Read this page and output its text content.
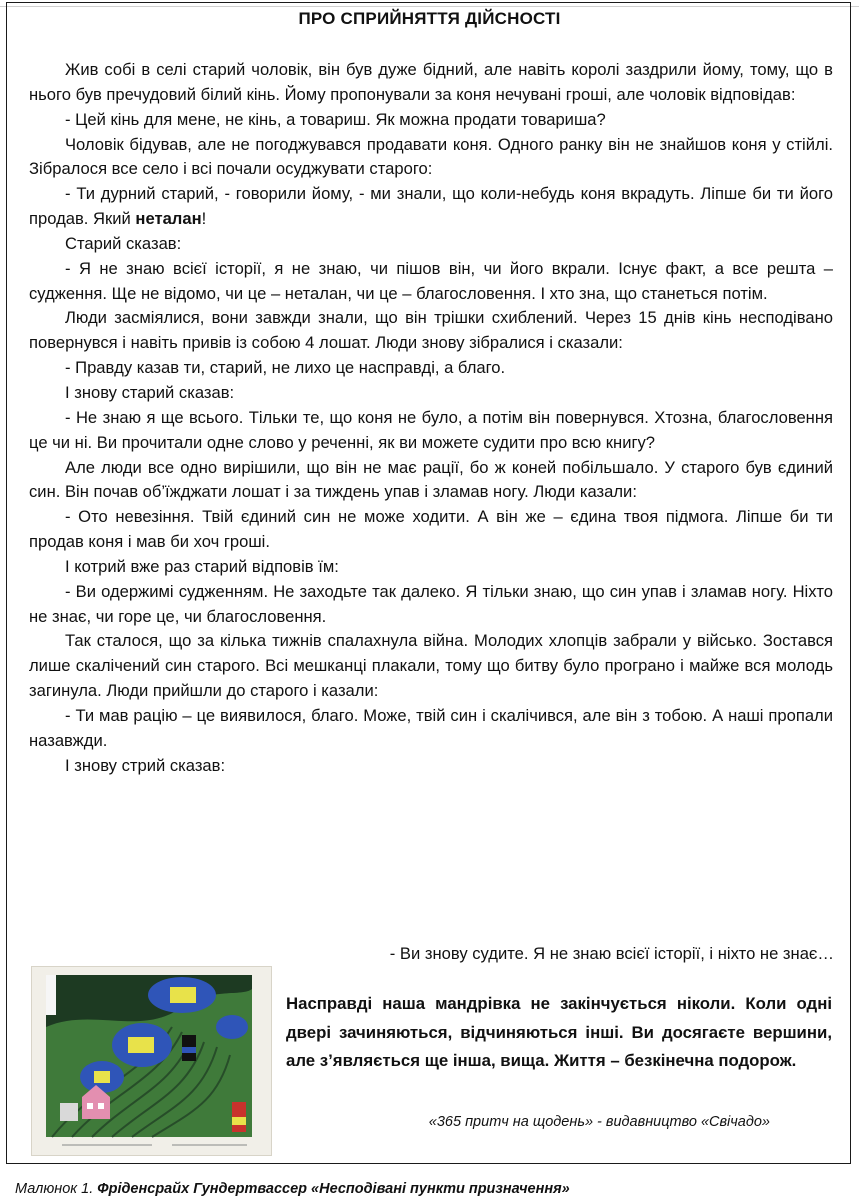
ПРО СПРИЙНЯТТЯ ДІЙСНОСТІ

Жив собі в селі старий чоловік, він був дуже бідний, але навіть королі заздрили йому, тому, що в нього був пречудовий білий кінь. Йому пропонували за коня нечувані гроші, але чоловік відповідав:

- Цей кінь для мене, не кінь, а товариш. Як можна продати товариша?

Чоловік бідував, але не погоджувався продавати коня. Одного ранку він не знайшов коня у стійлі. Зібралося все село і всі почали осуджувати старого:

- Ти дурний старий, - говорили йому, - ми знали, що коли-небудь коня вкрадуть. Ліпше би ти його продав. Який неталан!

Старий сказав:

- Я не знаю всієї історії, я не знаю, чи пішов він, чи його вкрали. Існує факт, а все решта – судження. Ще не відомо, чи це – неталан, чи це – благословення. І хто зна, що станеться потім.

Люди засміялися, вони завжди знали, що він трішки схиблений. Через 15 днів кінь несподівано повернувся і навіть привів із собою 4 лошат. Люди знову зібралися і сказали:

- Правду казав ти, старий, не лихо це насправді, а благо.

І знову старий сказав:

- Не знаю я ще всього. Тільки те, що коня не було, а потім він повернувся. Хтозна, благословення це чи ні. Ви прочитали одне слово у реченні, як ви можете судити про всю книгу?

Але люди все одно вирішили, що він не має рації, бо ж коней побільшало. У старого був єдиний син. Він почав об’їжджати лошат і за тиждень упав і зламав ногу. Люди казали:

- Ото невезіння. Твій єдиний син не може ходити. А він же – єдина твоя підмога. Ліпше би ти продав коня і мав би хоч гроші.

І котрий вже раз старий відповів їм:

- Ви одержимі судженням. Не заходьте так далеко. Я тільки знаю, що син упав і зламав ногу. Ніхто не знає, чи горе це, чи благословення.

Так сталося, що за кілька тижнів спалахнула війна. Молодих хлопців забрали у військо. Зостався лише скалічений син старого. Всі мешканці плакали, тому що битву було програно і майже вся молодь загинула. Люди прийшли до старого і казали:

- Ти мав рацію – це виявилося, благо. Може, твій син і скалічився, але він з тобою. А наші пропали назавжди.

І знову стрий сказав:

- Ви знову судите. Я не знаю всієї історії, і ніхто не знає…
Насправді наша мандрівка не закінчується ніколи. Коли одні двері зачиняються, відчиняються інші. Ви досягаєте вершини, але з’являється ще інша, вища. Життя – безкінечна подорож.
«365 притч на щодень» - видавництво «Свічадо»
Малюнок 1. Фріденсрайх Гундертвассер «Несподівані пункти призначення»
